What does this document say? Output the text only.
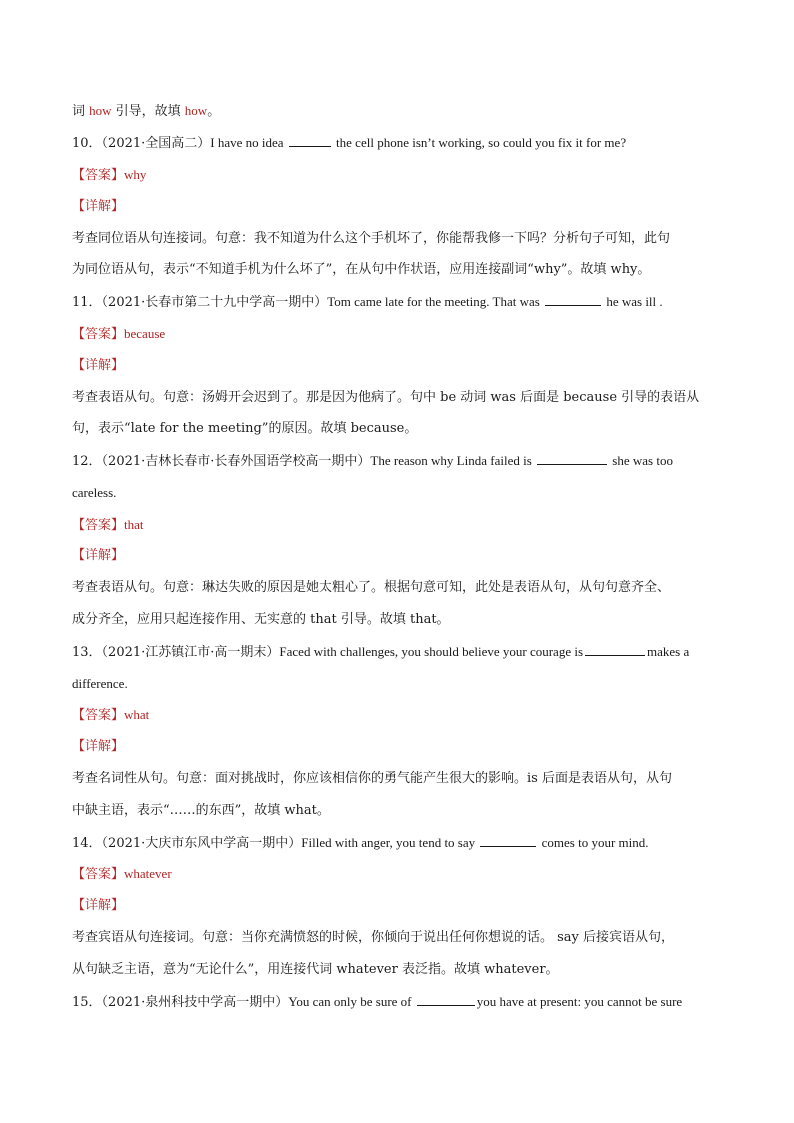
词 how 引导，故填 how。
10．（2021·全国高二）I have no idea	the cell phone isn’t working, so could you fix it for me?
【答案】why
【详解】
考查同位语从句连接词。句意：我不知道为什么这个手机坏了，你能帮我修一下吗？分析句子可知，此句
为同位语从句，表示“不知道手机为什么坏了”，在从句中作状语，应用连接副词“why”。故填 why。
11．（2021·长春市第二十九中学高一期中）Tom came late for the meeting. That was	he was ill .
【答案】because
【详解】
考查表语从句。句意：汤姆开会迟到了。那是因为他病了。句中 be 动词 was 后面是 because 引导的表语从
句，表示“late for the meeting”的原因。故填 because。
12．（2021·吉林长春市·长春外国语学校高一期中）The reason why Linda failed is	she was too
careless.
【答案】that
【详解】
考查表语从句。句意：琳达失败的原因是她太粗心了。根据句意可知，此处是表语从句，从句句意齐全、
成分齐全，应用只起连接作用、无实意的 that 引导。故填 that。
13．（2021·江苏镇江市·高一期末）Faced with challenges, you should believe your courage is	makes a
difference.
【答案】what
【详解】
考查名词性从句。句意：面对挑战时，你应该相信你的勇气能产生很大的影响。is 后面是表语从句，从句
中缺主语，表示“……的东西”，故填 what。
14．（2021·大庆市东风中学高一期中）Filled with anger, you tend to say	comes to your mind.
【答案】whatever
【详解】
考查宾语从句连接词。句意：当你充满愤怒的时候，你倾向于说出任何你想说的话。 say 后接宾语从句，
从句缺乏主语，意为“无论什么”，用连接代词 whatever 表泛指。故填 whatever。
15．（2021·泉州科技中学高一期中）You can only be sure of	you have at present: you cannot be sure
